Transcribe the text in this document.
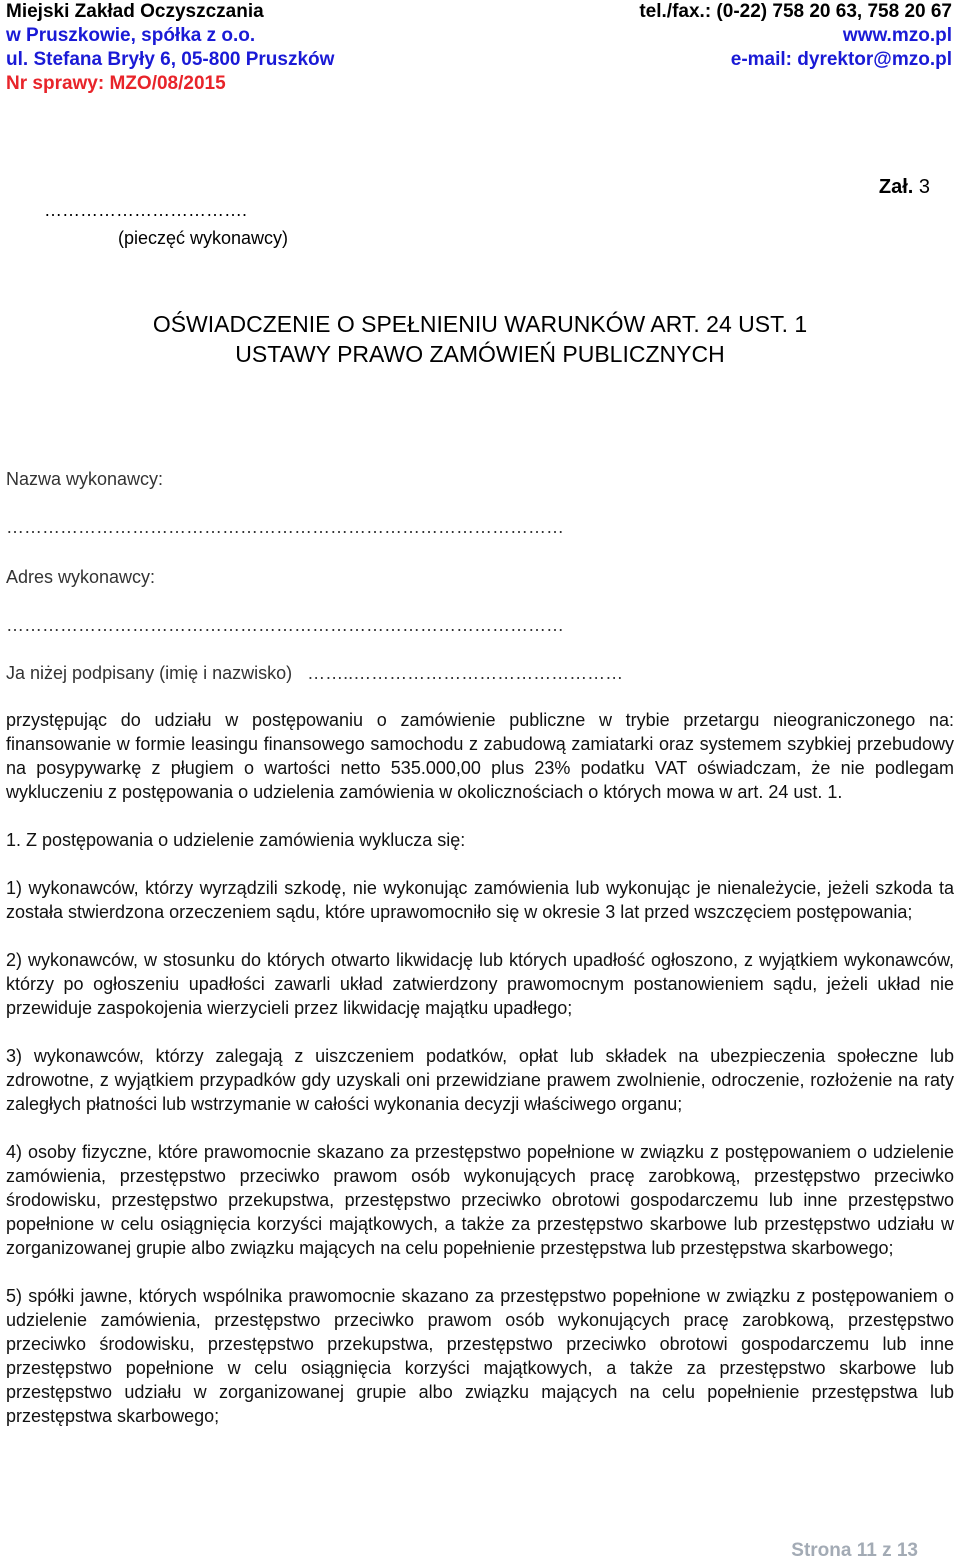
Miejski Zakład Oczyszczania
w Pruszkowie, spółka z o.o.
ul. Stefana Bryły 6, 05-800 Pruszków
Nr sprawy: MZO/08/2015
tel./fax.: (0-22) 758 20 63, 758 20 67
www.mzo.pl
e-mail: dyrektor@mzo.pl
Zał. 3
…………………………….
(pieczęć wykonawcy)
OŚWIADCZENIE O SPEŁNIENIU WARUNKÓW ART. 24 UST. 1
USTAWY PRAWO ZAMÓWIEŃ PUBLICZNYCH
Nazwa wykonawcy:
…………………………………………………………………………………
Adres wykonawcy:
…………………………………………………………………………………
Ja niżej podpisany (imię i nazwisko) ……..………………………………………

przystępując do udziału w postępowaniu o zamówienie publiczne w trybie przetargu nieograniczonego na: finansowanie w formie leasingu finansowego samochodu z zabudową zamiatarki oraz systemem szybkiej przebudowy na posypywarkę z pługiem o wartości netto 535.000,00 plus 23% podatku VAT oświadczam, że nie podlegam wykluczeniu z postępowania o udzielenia zamówienia w okolicznościach o których mowa w art. 24 ust. 1.

1. Z postępowania o udzielenie zamówienia wyklucza się:

1) wykonawców, którzy wyrządzili szkodę, nie wykonując zamówienia lub wykonując je nienależycie, jeżeli szkoda ta została stwierdzona orzeczeniem sądu, które uprawomocniło się w okresie 3 lat przed wszczęciem postępowania;

2) wykonawców, w stosunku do których otwarto likwidację lub których upadłość ogłoszono, z wyjątkiem wykonawców, którzy po ogłoszeniu upadłości zawarli układ zatwierdzony prawomocnym postanowieniem sądu, jeżeli układ nie przewiduje zaspokojenia wierzycieli przez likwidację majątku upadłego;

3) wykonawców, którzy zalegają z uiszczeniem podatków, opłat lub składek na ubezpieczenia społeczne lub zdrowotne, z wyjątkiem przypadków gdy uzyskali oni przewidziane prawem zwolnienie, odroczenie, rozłożenie na raty zaległych płatności lub wstrzymanie w całości wykonania decyzji właściwego organu;

4) osoby fizyczne, które prawomocnie skazano za przestępstwo popełnione w związku z postępowaniem o udzielenie zamówienia, przestępstwo przeciwko prawom osób wykonujących pracę zarobkową, przestępstwo przeciwko środowisku, przestępstwo przekupstwa, przestępstwo przeciwko obrotowi gospodarczemu lub inne przestępstwo popełnione w celu osiągnięcia korzyści majątkowych, a także za przestępstwo skarbowe lub przestępstwo udziału w zorganizowanej grupie albo związku mających na celu popełnienie przestępstwa lub przestępstwa skarbowego;

5) spółki jawne, których wspólnika prawomocnie skazano za przestępstwo popełnione w związku z postępowaniem o udzielenie zamówienia, przestępstwo przeciwko prawom osób wykonujących pracę zarobkową, przestępstwo przeciwko środowisku, przestępstwo przekupstwa, przestępstwo przeciwko obrotowi gospodarczemu lub inne przestępstwo popełnione w celu osiągnięcia korzyści majątkowych, a także za przestępstwo skarbowe lub przestępstwo udziału w zorganizowanej grupie albo związku mających na celu popełnienie przestępstwa lub przestępstwa skarbowego;

Strona 11 z 13
